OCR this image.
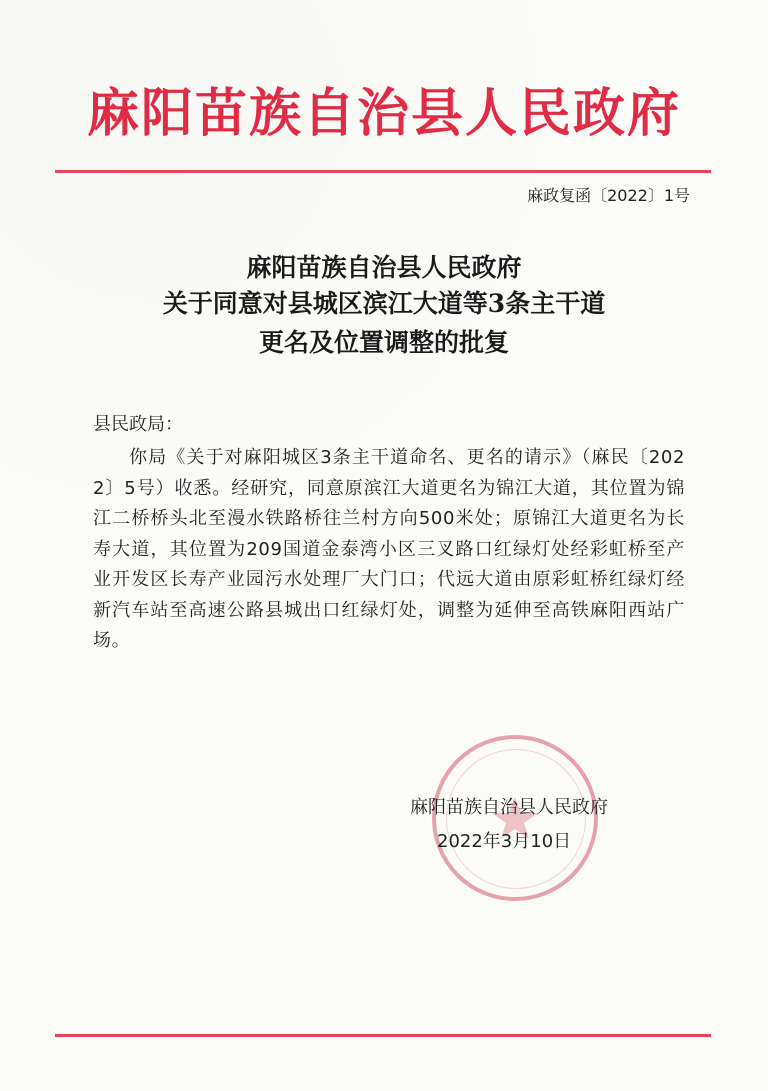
麻阳苗族自治县人民政府
麻政复函〔2022〕1号
麻阳苗族自治县人民政府
关于同意对县城区滨江大道等3条主干道
更名及位置调整的批复
县民政局：
你局《关于对麻阳城区3条主干道命名、更名的请示》（麻民〔2022〕5号）收悉。经研究，同意原滨江大道更名为锦江大道，其位置为锦江二桥桥头北至漫水铁路桥往兰村方向500米处；原锦江大道更名为长寿大道，其位置为209国道金泰湾小区三叉路口红绿灯处经彩虹桥至产业开发区长寿产业园污水处理厂大门口；代远大道由原彩虹桥红绿灯经新汽车站至高速公路县城出口红绿灯处，调整为延伸至高铁麻阳西站广场。
麻阳苗族自治县人民政府
2022年3月10日
